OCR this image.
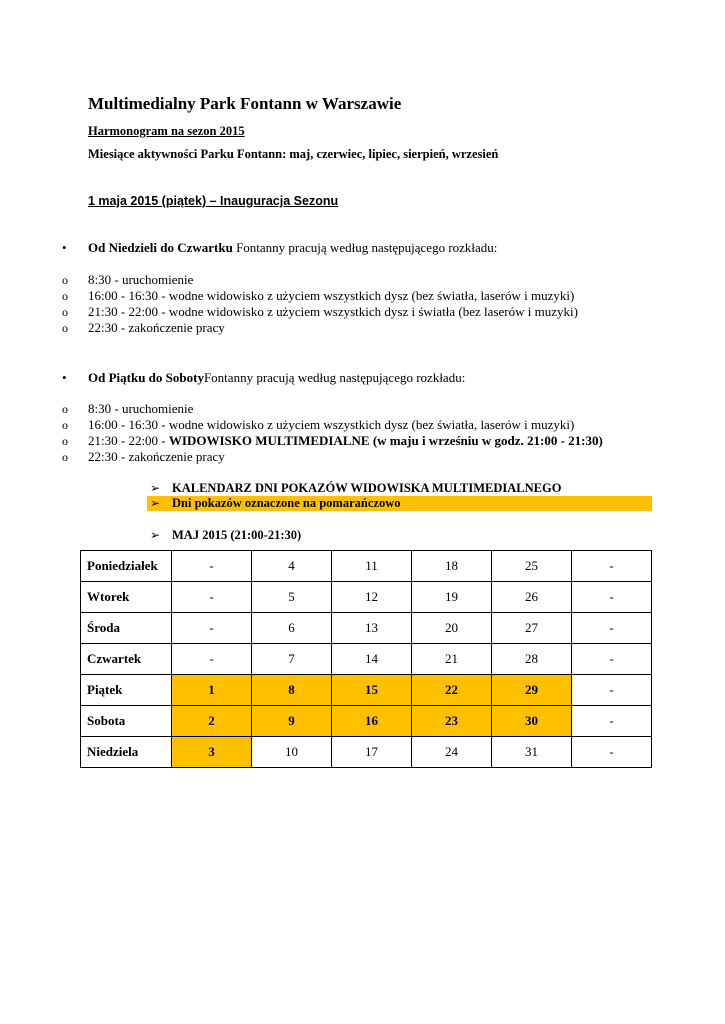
Multimedialny Park Fontann w Warszawie
Harmonogram na sezon 2015
Miesiące aktywności Parku Fontann: maj, czerwiec, lipiec, sierpień, wrzesień
1 maja 2015 (piątek) – Inauguracja Sezonu
• Od Niedzieli do Czwartku Fontanny pracują według następującego rozkładu:
o 8:30 - uruchomienie
o 16:00 - 16:30 - wodne widowisko z użyciem wszystkich dysz (bez światła, laserów i muzyki)
o 21:30 - 22:00 - wodne widowisko z użyciem wszystkich dysz i światła (bez laserów i muzyki)
o 22:30 - zakończenie pracy
• Od Piątku do SobotyFontanny pracują według następującego rozkładu:
o 8:30 - uruchomienie
o 16:00 - 16:30 - wodne widowisko z użyciem wszystkich dysz (bez światła, laserów i muzyki)
o 21:30 - 22:00 - WIDOWISKO MULTIMEDIALNE (w maju i wrześniu w godz. 21:00 - 21:30)
o 22:30 - zakończenie pracy
➢ KALENDARZ DNI POKAZÓW WIDOWISKA MULTIMEDIALNEGO
➢ Dni pokazów oznaczone na pomarańczowo
➢ MAJ 2015 (21:00-21:30)
Poniedziałek	-	4	11	18	25	-
Wtorek	-	5	12	19	26	-
Środa	-	6	13	20	27	-
Czwartek	-	7	14	21	28	-
Piątek	1	8	15	22	29	-
Sobota	2	9	16	23	30	-
Niedziela	3	10	17	24	31	-
